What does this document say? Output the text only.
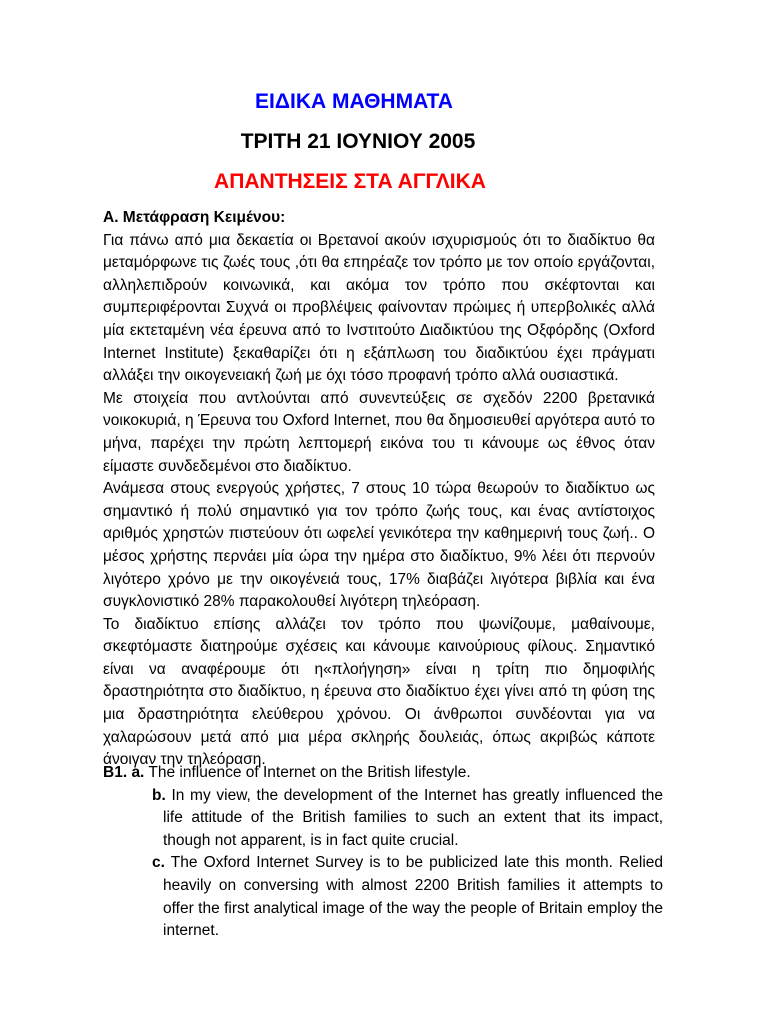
ΕΙΔΙΚΑ ΜΑΘΗΜΑΤΑ
ΤΡΙΤΗ 21 ΙΟΥΝΙΟΥ 2005
ΑΠΑΝΤΗΣΕΙΣ ΣΤΑ ΑΓΓΛΙΚΑ

Α. Μετάφραση Κειμένου:

Για πάνω από μια δεκαετία οι Βρετανοί ακούν ισχυρισμούς ότι το διαδίκτυο θα μεταμόρφωνε τις ζωές τους ,ότι θα επηρέαζε τον τρόπο με τον οποίο εργάζονται, αλληλεπιδρούν κοινωνικά, και ακόμα τον τρόπο που σκέφτονται και συμπεριφέρονται Συχνά οι προβλέψεις φαίνονταν πρώιμες ή υπερβολικές αλλά μία εκτεταμένη νέα έρευνα από το Ινστιτούτο Διαδικτύου της Οξφόρδης (Oxford Internet Institute) ξεκαθαρίζει ότι η εξάπλωση του διαδικτύου έχει πράγματι αλλάξει την οικογενειακή ζωή με όχι τόσο προφανή τρόπο αλλά ουσιαστικά.

Με στοιχεία που αντλούνται από συνεντεύξεις σε σχεδόν 2200 βρετανικά νοικοκυριά, η Έρευνα του Oxford Internet, που θα δημοσιευθεί αργότερα αυτό το μήνα, παρέχει την πρώτη λεπτομερή εικόνα του τι κάνουμε ως έθνος όταν είμαστε συνδεδεμένοι στο διαδίκτυο.

Ανάμεσα στους ενεργούς χρήστες, 7 στους 10 τώρα θεωρούν το διαδίκτυο ως σημαντικό ή πολύ σημαντικό για τον τρόπο ζωής τους, και ένας αντίστοιχος αριθμός χρηστών πιστεύουν ότι ωφελεί γενικότερα την καθημερινή τους ζωή.. Ο μέσος χρήστης περνάει μία ώρα την ημέρα στο διαδίκτυο, 9% λέει ότι περνούν λιγότερο χρόνο με την οικογένειά τους, 17% διαβάζει λιγότερα βιβλία και ένα συγκλονιστικό 28% παρακολουθεί λιγότερη τηλεόραση.

Το διαδίκτυο επίσης αλλάζει τον τρόπο που ψωνίζουμε, μαθαίνουμε, σκεφτόμαστε διατηρούμε σχέσεις και κάνουμε καινούριους φίλους. Σημαντικό είναι να αναφέρουμε ότι η«πλοήγηση» είναι η τρίτη πιο δημοφιλής δραστηριότητα στο διαδίκτυο, η έρευνα στο διαδίκτυο έχει γίνει από τη φύση της μια δραστηριότητα ελεύθερου χρόνου. Οι άνθρωποι συνδέονται για να χαλαρώσουν μετά από μια μέρα σκληρής δουλειάς, όπως ακριβώς κάποτε άνοιγαν την τηλεόραση.

Β1. a. The influence of Internet on the British lifestyle.

b. In my view, the development of the Internet has greatly influenced the life attitude of the British families to such an extent that its impact, though not apparent, is in fact quite crucial.

c. The Oxford Internet Survey is to be publicized late this month. Relied heavily on conversing with almost 2200 British families it attempts to offer the first analytical image of the way the people of Britain employ the internet.
